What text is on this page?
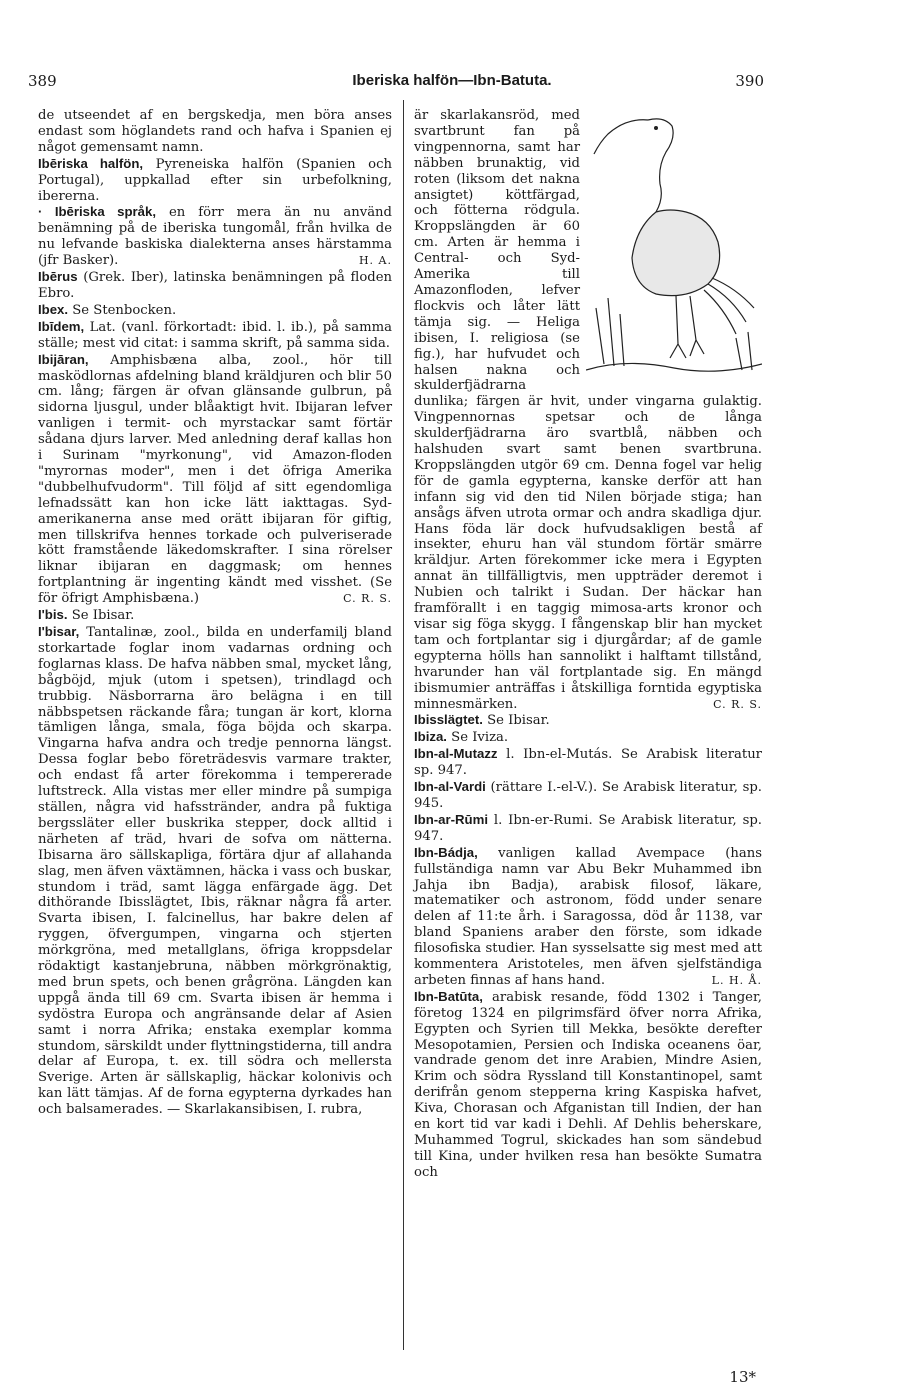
389	Iberiska halfön—Ibn-Batuta.	390

de utseendet af en bergskedja, men böra anses endast som höglandets rand och hafva i Spanien ej något gemensamt namn.

Ibēriska halfön, Pyreneiska halfön (Spanien och Portugal), uppkallad efter sin urbefolkning, ibererna.

· Ibēriska språk, en förr mera än nu använd benämning på de iberiska tungomål, från hvilka de nu lefvande baskiska dialekterna anses härstamma (jfr Basker).	H. A.

Ibērus (Grek. Iber), latinska benämningen på floden Ebro.

Ibex. Se Stenbocken.

Ibīdem, Lat. (vanl. förkortadt: ibid. l. ib.), på samma ställe; mest vid citat: i samma skrift, på samma sida.

Ibijāran, Amphisbæna alba, zool., hör till masködlornas afdelning bland kräldjuren och blir 50 cm. lång; färgen är ofvan glänsande gulbrun, på sidorna ljusgul, under blåaktigt hvit. Ibijaran lefver vanligen i termit- och myrstackar samt förtär sådana djurs larver. Med anledning deraf kallas hon i Surinam "myrkonung", vid Amazon-floden "myrornas moder", men i det öfriga Amerika "dubbelhufvudorm". Till följd af sitt egendomliga lefnadssätt kan hon icke lätt iakttagas. Syd-amerikanerna anse med orätt ibijaran för giftig, men tillskrifva hennes torkade och pulveriserade kött framstående läkedomskrafter. I sina rörelser liknar ibijaran en daggmask; om hennes fortplantning är ingenting kändt med visshet. (Se för öfrigt Amphisbæna.)	C. R. S.

I'bis. Se Ibisar.

I'bisar, Tantalinæ, zool., bilda en underfamilj bland storkartade foglar inom vadarnas ordning och foglarnas klass. De hafva näbben smal, mycket lång, bågböjd, mjuk (utom i spetsen), trindlagd och trubbig. Näsborrarna äro belägna i en till näbbspetsen räckande fåra; tungan är kort, klorna tämligen långa, smala, föga böjda och skarpa. Vingarna hafva andra och tredje pennorna längst. Dessa foglar bebo företrädesvis varmare trakter, och endast få arter förekomma i tempererade luftstreck. Alla vistas mer eller mindre på sumpiga ställen, några vid hafsstränder, andra på fuktiga bergssläter eller buskrika stepper, dock alltid i närheten af träd, hvari de sofva om nätterna. Ibisarna äro sällskapliga, förtära djur af allahanda slag, men äfven växtämnen, häcka i vass och buskar, stundom i träd, samt lägga enfärgade ägg. Det dithörande Ibisslägtet, Ibis, räknar några få arter. Svarta ibisen, I. falcinellus, har bakre delen af ryggen, öfvergumpen, vingarna och stjerten mörkgröna, med metallglans, öfriga kroppsdelar rödaktigt kastanjebruna, näbben mörkgrönaktig, med brun spets, och benen grågröna. Längden kan uppgå ända till 69 cm. Svarta ibisen är hemma i sydöstra Europa och angränsande delar af Asien samt i norra Afrika; enstaka exemplar komma stundom, särskildt under flyttningstiderna, till andra delar af Europa, t. ex. till södra och mellersta Sverige. Arten är sällskaplig, häckar kolonivis och kan lätt tämjas. Af de forna egypterna dyrkades han och balsamerades. — Skarlakansibisen, I. rubra,

är skarlakansröd, med svartbrunt fan på vingpennorna, samt har näbben brunaktig, vid roten (liksom det nakna ansigtet) köttfärgad, och fötterna rödgula. Kroppslängden är 60 cm. Arten är hemma i Central- och Syd-Amerika till Amazonfloden, lefver flockvis och låter lätt tämja sig. — Heliga ibisen, I. religiosa (se fig.), har hufvudet och halsen nakna och skulderfjädrarna dunlika; färgen är hvit, under vingarna gulaktig. Vingpennornas spetsar och de långa skulderfjädrarna äro svartblå, näbben och halshuden svart samt benen svartbruna. Kroppslängden utgör 69 cm. Denna fogel var helig för de gamla egypterna, kanske derför att han infann sig vid den tid Nilen började stiga; han ansågs äfven utrota ormar och andra skadliga djur. Hans föda lär dock hufvudsakligen bestå af insekter, ehuru han väl stundom förtär smärre kräldjur. Arten förekommer icke mera i Egypten annat än tillfälligtvis, men uppträder deremot i Nubien och talrikt i Sudan. Der häckar han framförallt i en taggig mimosa-arts kronor och visar sig föga skygg. I fångenskap blir han mycket tam och fortplantar sig i djurgårdar; af de gamle egypterna hölls han sannolikt i halftamt tillstånd, hvarunder han väl fortplantade sig. En mängd ibismumier anträffas i åtskilliga forntida egyptiska minnesmärken.	C. R. S.

Ibisslägtet. Se Ibisar.

Ibiza. Se Iviza.

Ibn-al-Mutazz l. Ibn-el-Mutás. Se Arabisk literatur sp. 947.

Ibn-al-Vardi (rättare I.-el-V.). Se Arabisk literatur, sp. 945.

Ibn-ar-Rūmi l. Ibn-er-Rumi. Se Arabisk literatur, sp. 947.

Ibn-Bádja, vanligen kallad Avempace (hans fullständiga namn var Abu Bekr Muhammed ibn Jahja ibn Badja), arabisk filosof, läkare, matematiker och astronom, född under senare delen af 11:te årh. i Saragossa, död år 1138, var bland Spaniens araber den förste, som idkade filosofiska studier. Han sysselsatte sig mest med att kommentera Aristoteles, men äfven sjelfständiga arbeten finnas af hans hand.	L. H. Å.

Ibn-Batūta, arabisk resande, född 1302 i Tanger, företog 1324 en pilgrimsfärd öfver norra Afrika, Egypten och Syrien till Mekka, besökte derefter Mesopotamien, Persien och Indiska oceanens öar, vandrade genom det inre Arabien, Mindre Asien, Krim och södra Ryssland till Konstantinopel, samt derifrån genom stepperna kring Kaspiska hafvet, Kiva, Chorasan och Afganistan till Indien, der han en kort tid var kadi i Dehli. Af Dehlis beherskare, Muhammed Togrul, skickades han som sändebud till Kina, under hvilken resa han besökte Sumatra och

13*
